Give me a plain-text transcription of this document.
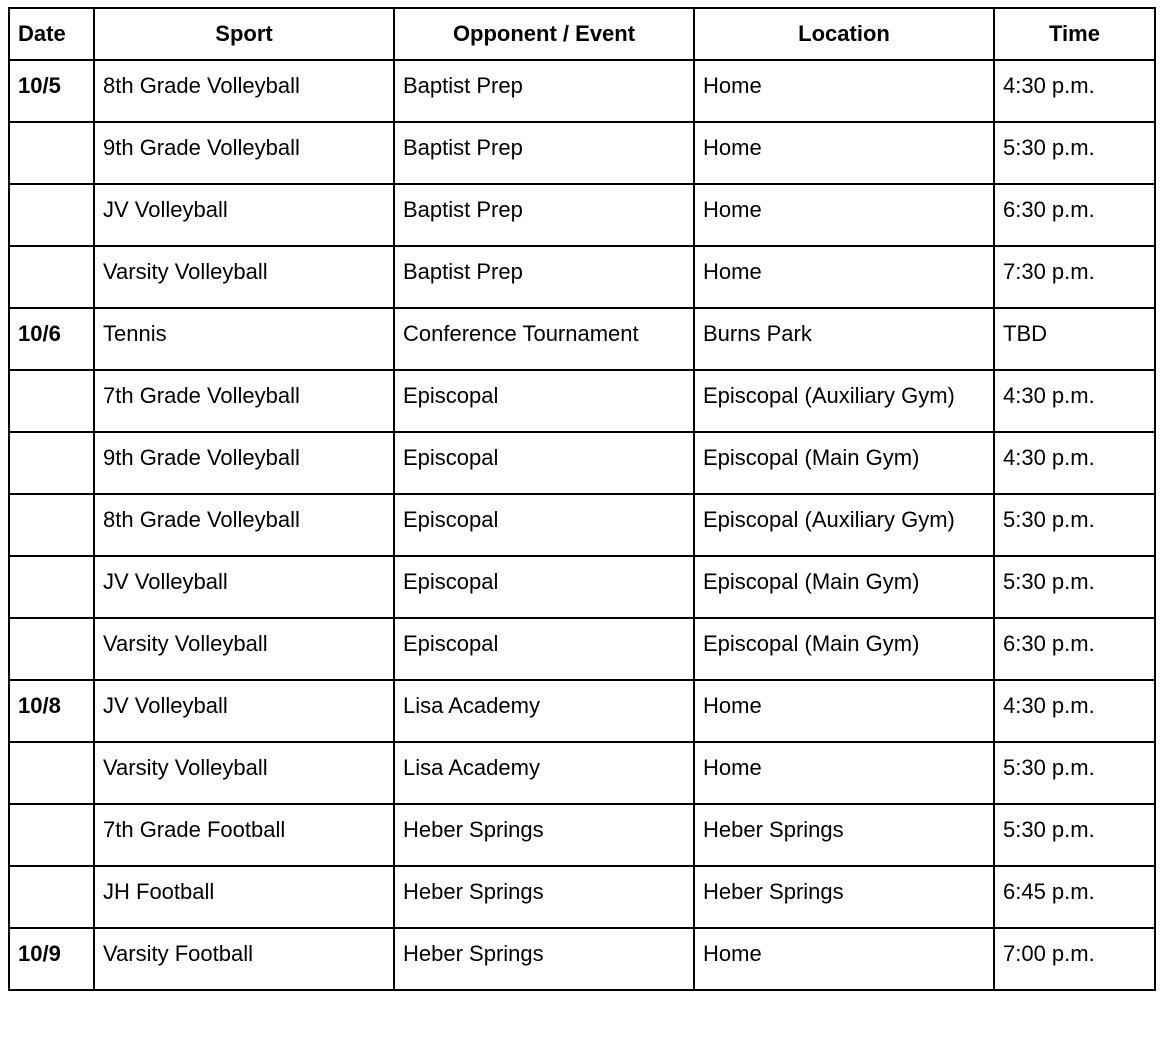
Date	Sport	Opponent / Event	Location	Time
10/5	8th Grade Volleyball	Baptist Prep	Home	4:30 p.m.
	9th Grade Volleyball	Baptist Prep	Home	5:30 p.m.
	JV Volleyball	Baptist Prep	Home	6:30 p.m.
	Varsity Volleyball	Baptist Prep	Home	7:30 p.m.
10/6	Tennis	Conference Tournament	Burns Park	TBD
	7th Grade Volleyball	Episcopal	Episcopal (Auxiliary Gym)	4:30 p.m.
	9th Grade Volleyball	Episcopal	Episcopal (Main Gym)	4:30 p.m.
	8th Grade Volleyball	Episcopal	Episcopal (Auxiliary Gym)	5:30 p.m.
	JV Volleyball	Episcopal	Episcopal (Main Gym)	5:30 p.m.
	Varsity Volleyball	Episcopal	Episcopal (Main Gym)	6:30 p.m.
10/8	JV Volleyball	Lisa Academy	Home	4:30 p.m.
	Varsity Volleyball	Lisa Academy	Home	5:30 p.m.
	7th Grade Football	Heber Springs	Heber Springs	5:30 p.m.
	JH Football	Heber Springs	Heber Springs	6:45 p.m.
10/9	Varsity Football	Heber Springs	Home	7:00 p.m.
